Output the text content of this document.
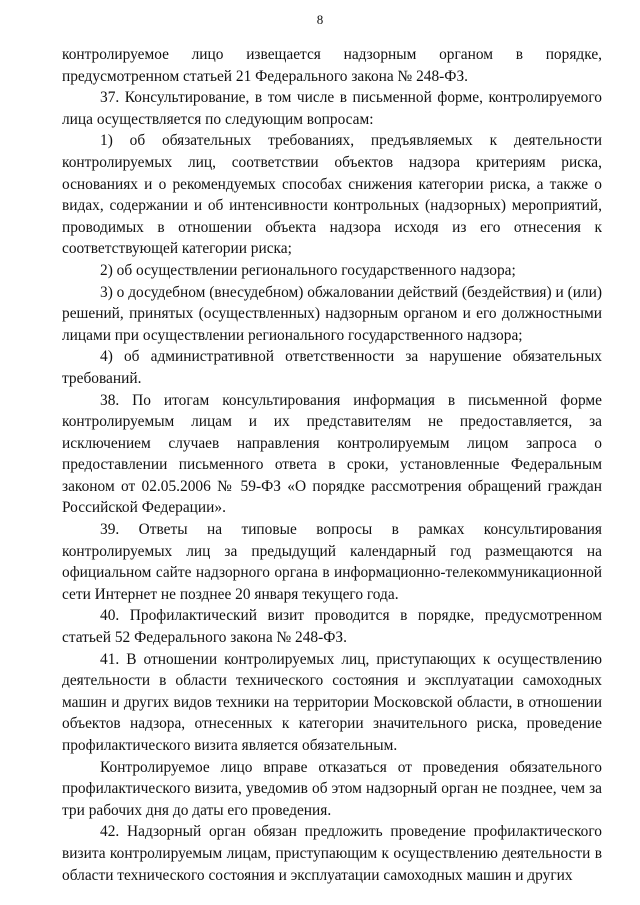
8

контролируемое лицо извещается надзорным органом в порядке, предусмотренном статьей 21 Федерального закона № 248-ФЗ.

37. Консультирование, в том числе в письменной форме, контролируемого лица осуществляется по следующим вопросам:

1) об обязательных требованиях, предъявляемых к деятельности контролируемых лиц, соответствии объектов надзора критериям риска, основаниях и о рекомендуемых способах снижения категории риска, а также о видах, содержании и об интенсивности контрольных (надзорных) мероприятий, проводимых в отношении объекта надзора исходя из его отнесения к соответствующей категории риска;

2) об осуществлении регионального государственного надзора;

3) о досудебном (внесудебном) обжаловании действий (бездействия) и (или) решений, принятых (осуществленных) надзорным органом и его должностными лицами при осуществлении регионального государственного надзора;

4) об административной ответственности за нарушение обязательных требований.

38. По итогам консультирования информация в письменной форме контролируемым лицам и их представителям не предоставляется, за исключением случаев направления контролируемым лицом запроса о предоставлении письменного ответа в сроки, установленные Федеральным законом от 02.05.2006 № 59-ФЗ «О порядке рассмотрения обращений граждан Российской Федерации».

39. Ответы на типовые вопросы в рамках консультирования контролируемых лиц за предыдущий календарный год размещаются на официальном сайте надзорного органа в информационно-телекоммуникационной сети Интернет не позднее 20 января текущего года.

40. Профилактический визит проводится в порядке, предусмотренном статьей 52 Федерального закона № 248-ФЗ.

41. В отношении контролируемых лиц, приступающих к осуществлению деятельности в области технического состояния и эксплуатации самоходных машин и других видов техники на территории Московской области, в отношении объектов надзора, отнесенных к категории значительного риска, проведение профилактического визита является обязательным.

Контролируемое лицо вправе отказаться от проведения обязательного профилактического визита, уведомив об этом надзорный орган не позднее, чем за три рабочих дня до даты его проведения.

42. Надзорный орган обязан предложить проведение профилактического визита контролируемым лицам, приступающим к осуществлению деятельности в области технического состояния и эксплуатации самоходных машин и других
